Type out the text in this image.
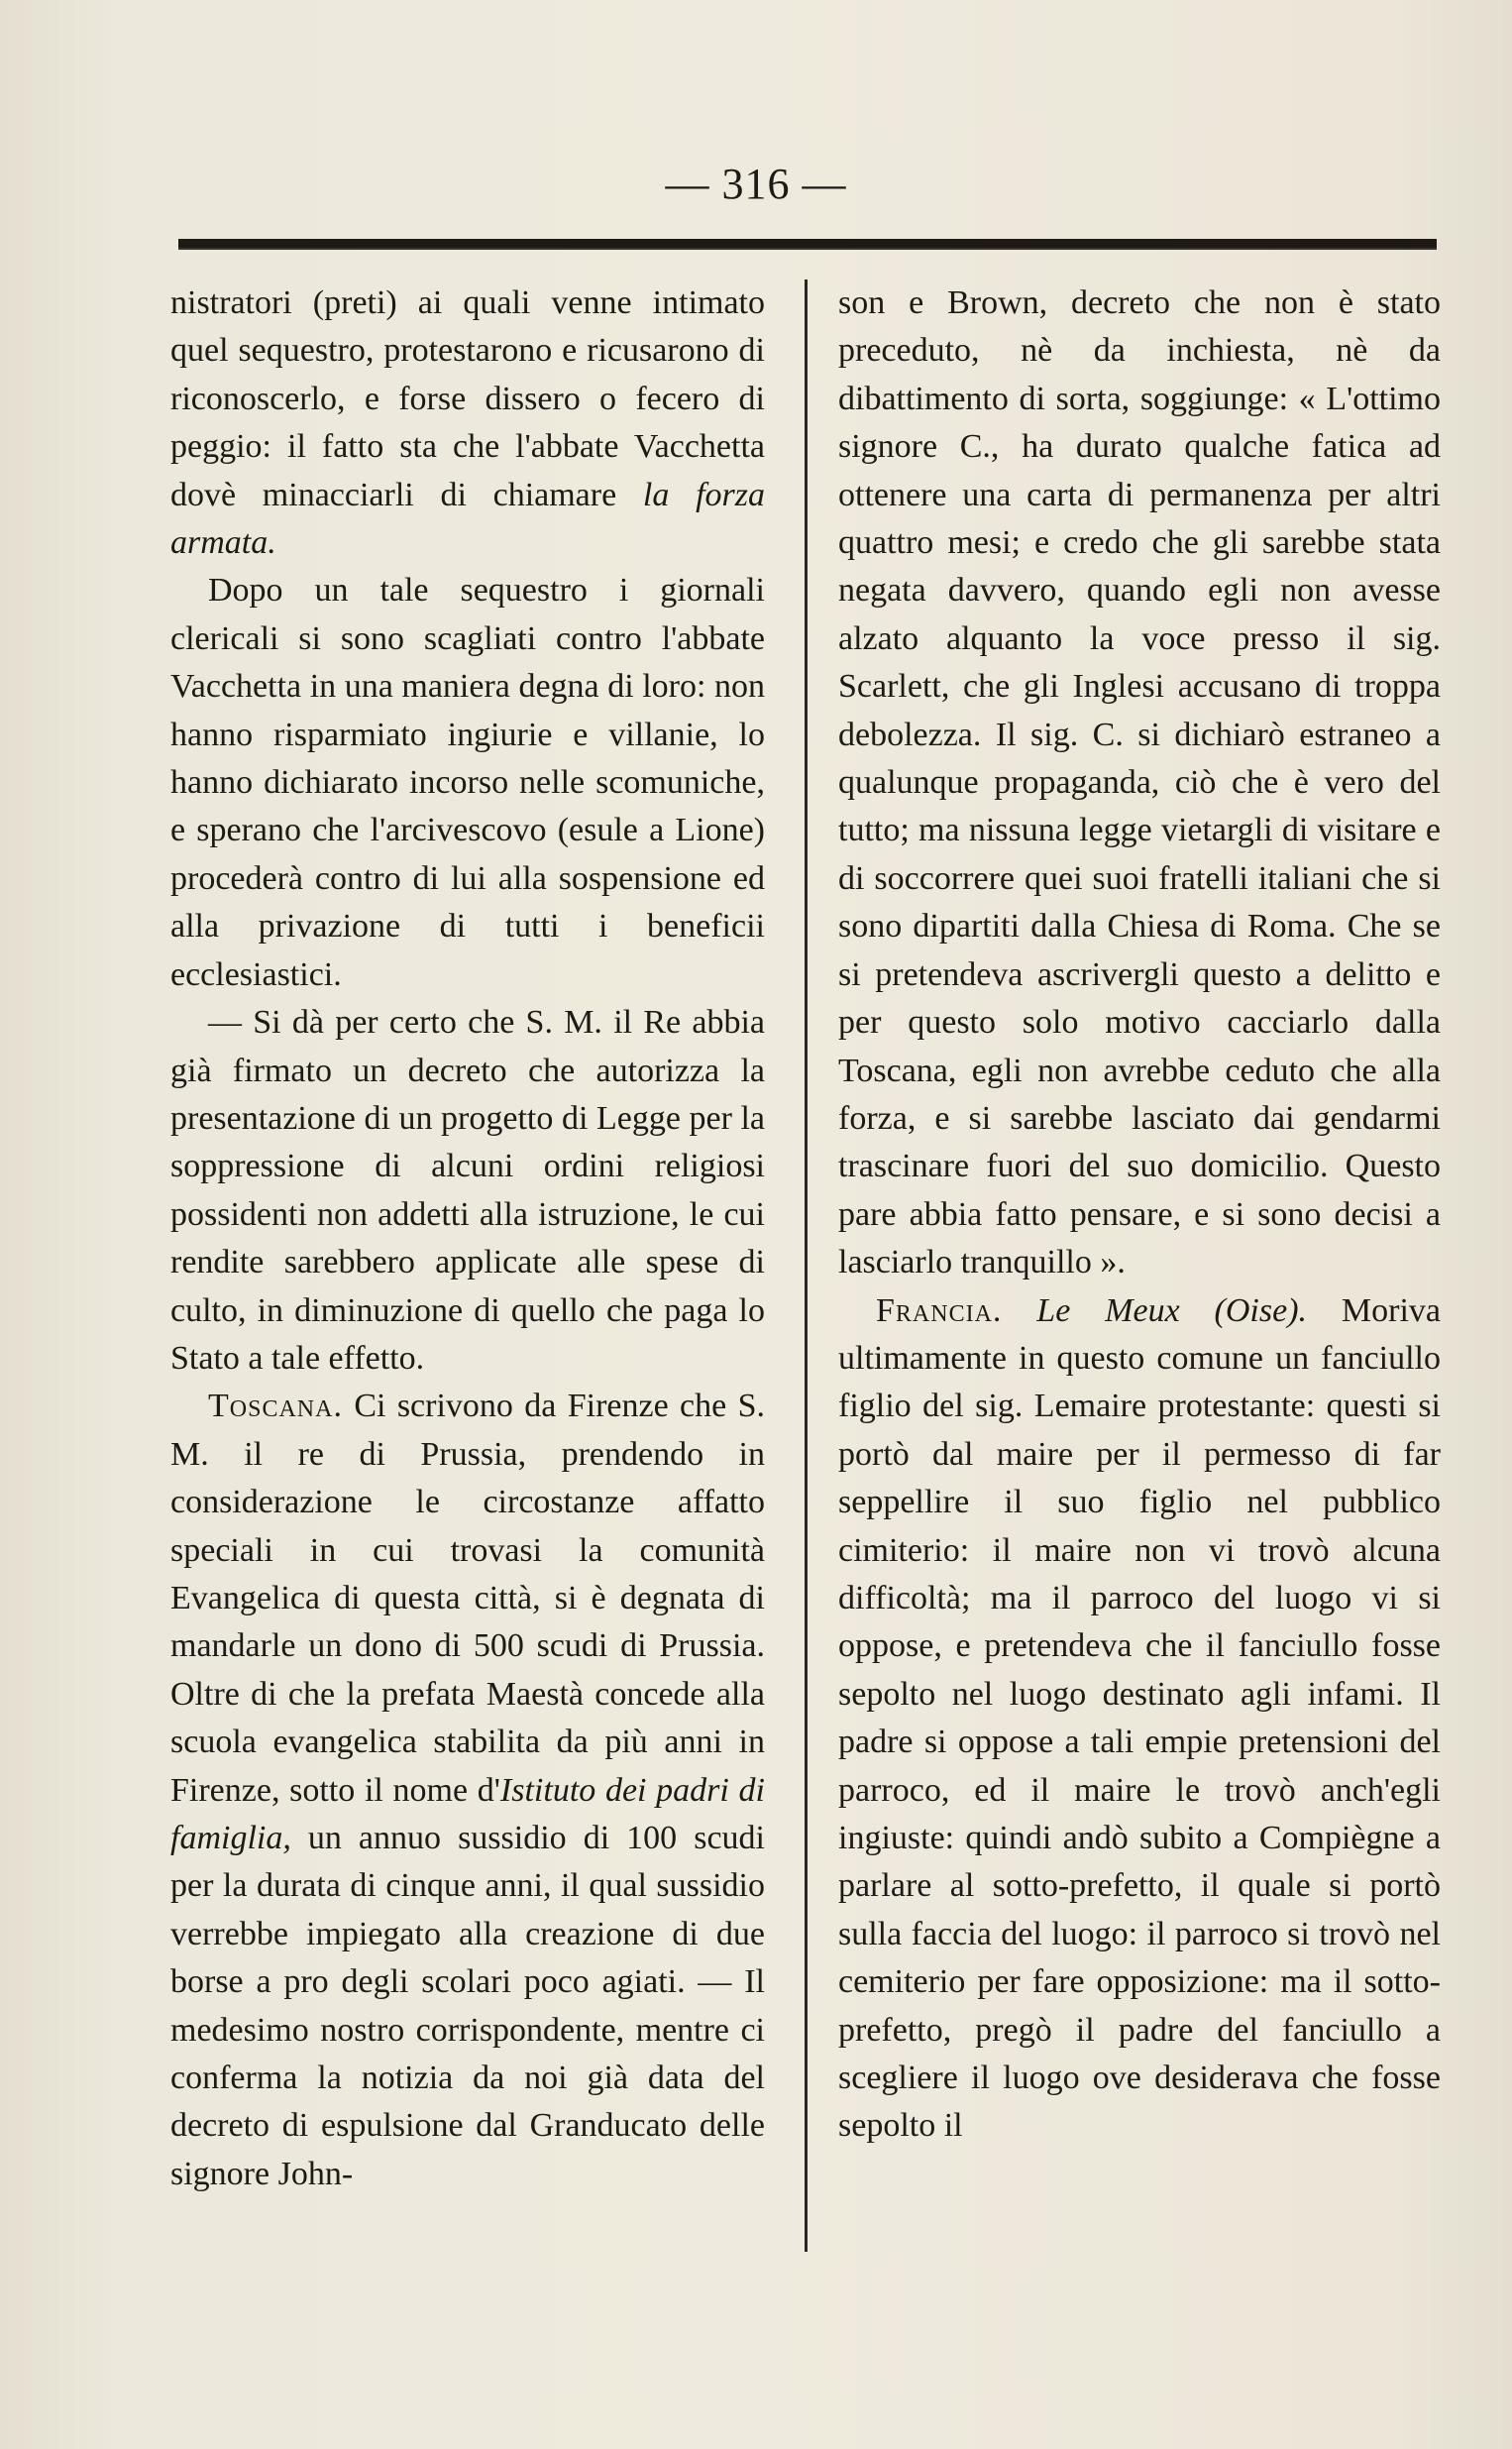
— 316 —

nistratori (preti) ai quali venne intimato quel sequestro, protestarono e ricusarono di riconoscerlo, e forse dissero o fecero di peggio: il fatto sta che l'abbate Vacchetta dovè minacciarli di chiamare la forza armata.

Dopo un tale sequestro i giornali clericali si sono scagliati contro l'abbate Vacchetta in una maniera degna di loro: non hanno risparmiato ingiurie e villanie, lo hanno dichiarato incorso nelle scomuniche, e sperano che l'arcivescovo (esule a Lione) procederà contro di lui alla sospensione ed alla privazione di tutti i beneficii ecclesiastici.

— Si dà per certo che S. M. il Re abbia già firmato un decreto che autorizza la presentazione di un progetto di Legge per la soppressione di alcuni ordini religiosi possidenti non addetti alla istruzione, le cui rendite sarebbero applicate alle spese di culto, in diminuzione di quello che paga lo Stato a tale effetto.

Toscana. Ci scrivono da Firenze che S. M. il re di Prussia, prendendo in considerazione le circostanze affatto speciali in cui trovasi la comunità Evangelica di questa città, si è degnata di mandarle un dono di 500 scudi di Prussia. Oltre di che la prefata Maestà concede alla scuola evangelica stabilita da più anni in Firenze, sotto il nome d'Istituto dei padri di famiglia, un annuo sussidio di 100 scudi per la durata di cinque anni, il qual sussidio verrebbe impiegato alla creazione di due borse a pro degli scolari poco agiati. — Il medesimo nostro corrispondente, mentre ci conferma la notizia da noi già data del decreto di espulsione dal Granducato delle signore John-

son e Brown, decreto che non è stato preceduto, nè da inchiesta, nè da dibattimento di sorta, soggiunge: « L'ottimo signore C., ha durato qualche fatica ad ottenere una carta di permanenza per altri quattro mesi; e credo che gli sarebbe stata negata davvero, quando egli non avesse alzato alquanto la voce presso il sig. Scarlett, che gli Inglesi accusano di troppa debolezza. Il sig. C. si dichiarò estraneo a qualunque propaganda, ciò che è vero del tutto; ma nissuna legge vietargli di visitare e di soccorrere quei suoi fratelli italiani che si sono dipartiti dalla Chiesa di Roma. Che se si pretendeva ascrivergli questo a delitto e per questo solo motivo cacciarlo dalla Toscana, egli non avrebbe ceduto che alla forza, e si sarebbe lasciato dai gendarmi trascinare fuori del suo domicilio. Questo pare abbia fatto pensare, e si sono decisi a lasciarlo tranquillo ».

Francia. Le Meux (Oise). Moriva ultimamente in questo comune un fanciullo figlio del sig. Lemaire protestante: questi si portò dal maire per il permesso di far seppellire il suo figlio nel pubblico cimiterio: il maire non vi trovò alcuna difficoltà; ma il parroco del luogo vi si oppose, e pretendeva che il fanciullo fosse sepolto nel luogo destinato agli infami. Il padre si oppose a tali empie pretensioni del parroco, ed il maire le trovò anch'egli ingiuste: quindi andò subito a Compiègne a parlare al sotto-prefetto, il quale si portò sulla faccia del luogo: il parroco si trovò nel cemiterio per fare opposizione: ma il sotto-prefetto, pregò il padre del fanciullo a scegliere il luogo ove desiderava che fosse sepolto il
